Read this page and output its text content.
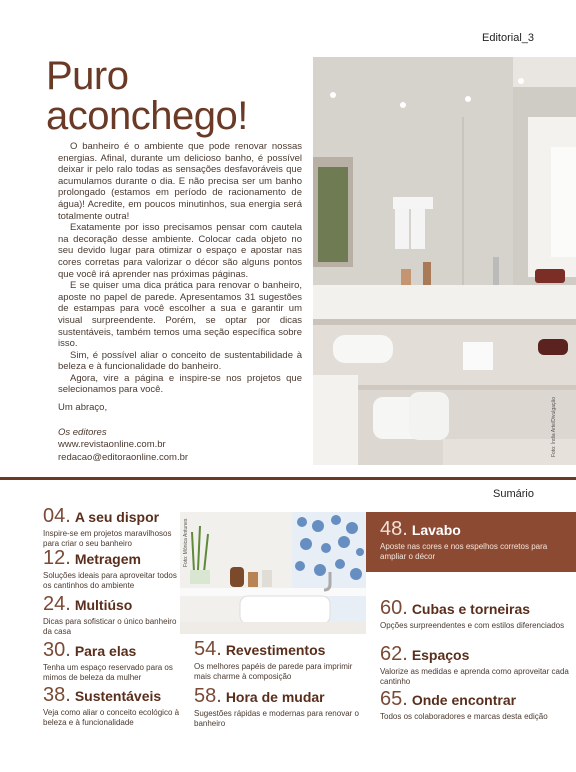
Editorial_3
Puro
aconchego!

O banheiro é o ambiente que pode renovar nossas energias. Afinal, durante um delicioso banho, é possível deixar ir pelo ralo todas as sensações desfavoráveis que acumulamos durante o dia. E não precisa ser um banho prolongado (estamos em período de racionamento de água)! Acredite, em poucos minutinhos, sua energia será totalmente outra!

Exatamente por isso precisamos pensar com cautela na decoração desse ambiente. Colocar cada objeto no seu devido lugar para otimizar o espaço e apostar nas cores corretas para valorizar o décor são alguns pontos que você irá aprender nas próximas páginas.

E se quiser uma dica prática para renovar o banheiro, aposte no papel de parede. Apresentamos 31 sugestões de estampas para você escolher a sua e garantir um visual surpreendente. Porém, se optar por dicas sustentáveis, também temos uma seção específica sobre isso.

Sim, é possível aliar o conceito de sustentabilidade à beleza e à funcionalidade do banheiro.

Agora, vire a página e inspire-se nos projetos que selecionamos para você.

Um abraço,
Os editores
www.revistaonline.com.br
redacao@editoraonline.com.br	Foto: Índia Arte/Divulgação
Sumário
04. A seu dispor
Inspire-se em projetos maravilhosos para criar o seu banheiro
12. Metragem
Soluções ideais para aproveitar todos os cantinhos do ambiente
24. Multiúso
Dicas para sofisticar o único banheiro da casa
30. Para elas
Tenha um espaço reservado para os mimos de beleza da mulher
38. Sustentáveis
Veja como aliar o conceito ecológico à beleza e à funcionalidade
Foto: Mônica Antunes
54. Revestimentos
Os melhores papéis de parede para imprimir mais charme à composição
58. Hora de mudar
Sugestões rápidas e modernas para renovar o banheiro
48. Lavabo
Aposte nas cores e nos espelhos corretos para ampliar o décor
60. Cubas e torneiras
Opções surpreendentes e com estilos diferenciados
62. Espaços
Valorize as medidas e aprenda como aproveitar cada cantinho
65. Onde encontrar
Todos os colaboradores e marcas desta edição
